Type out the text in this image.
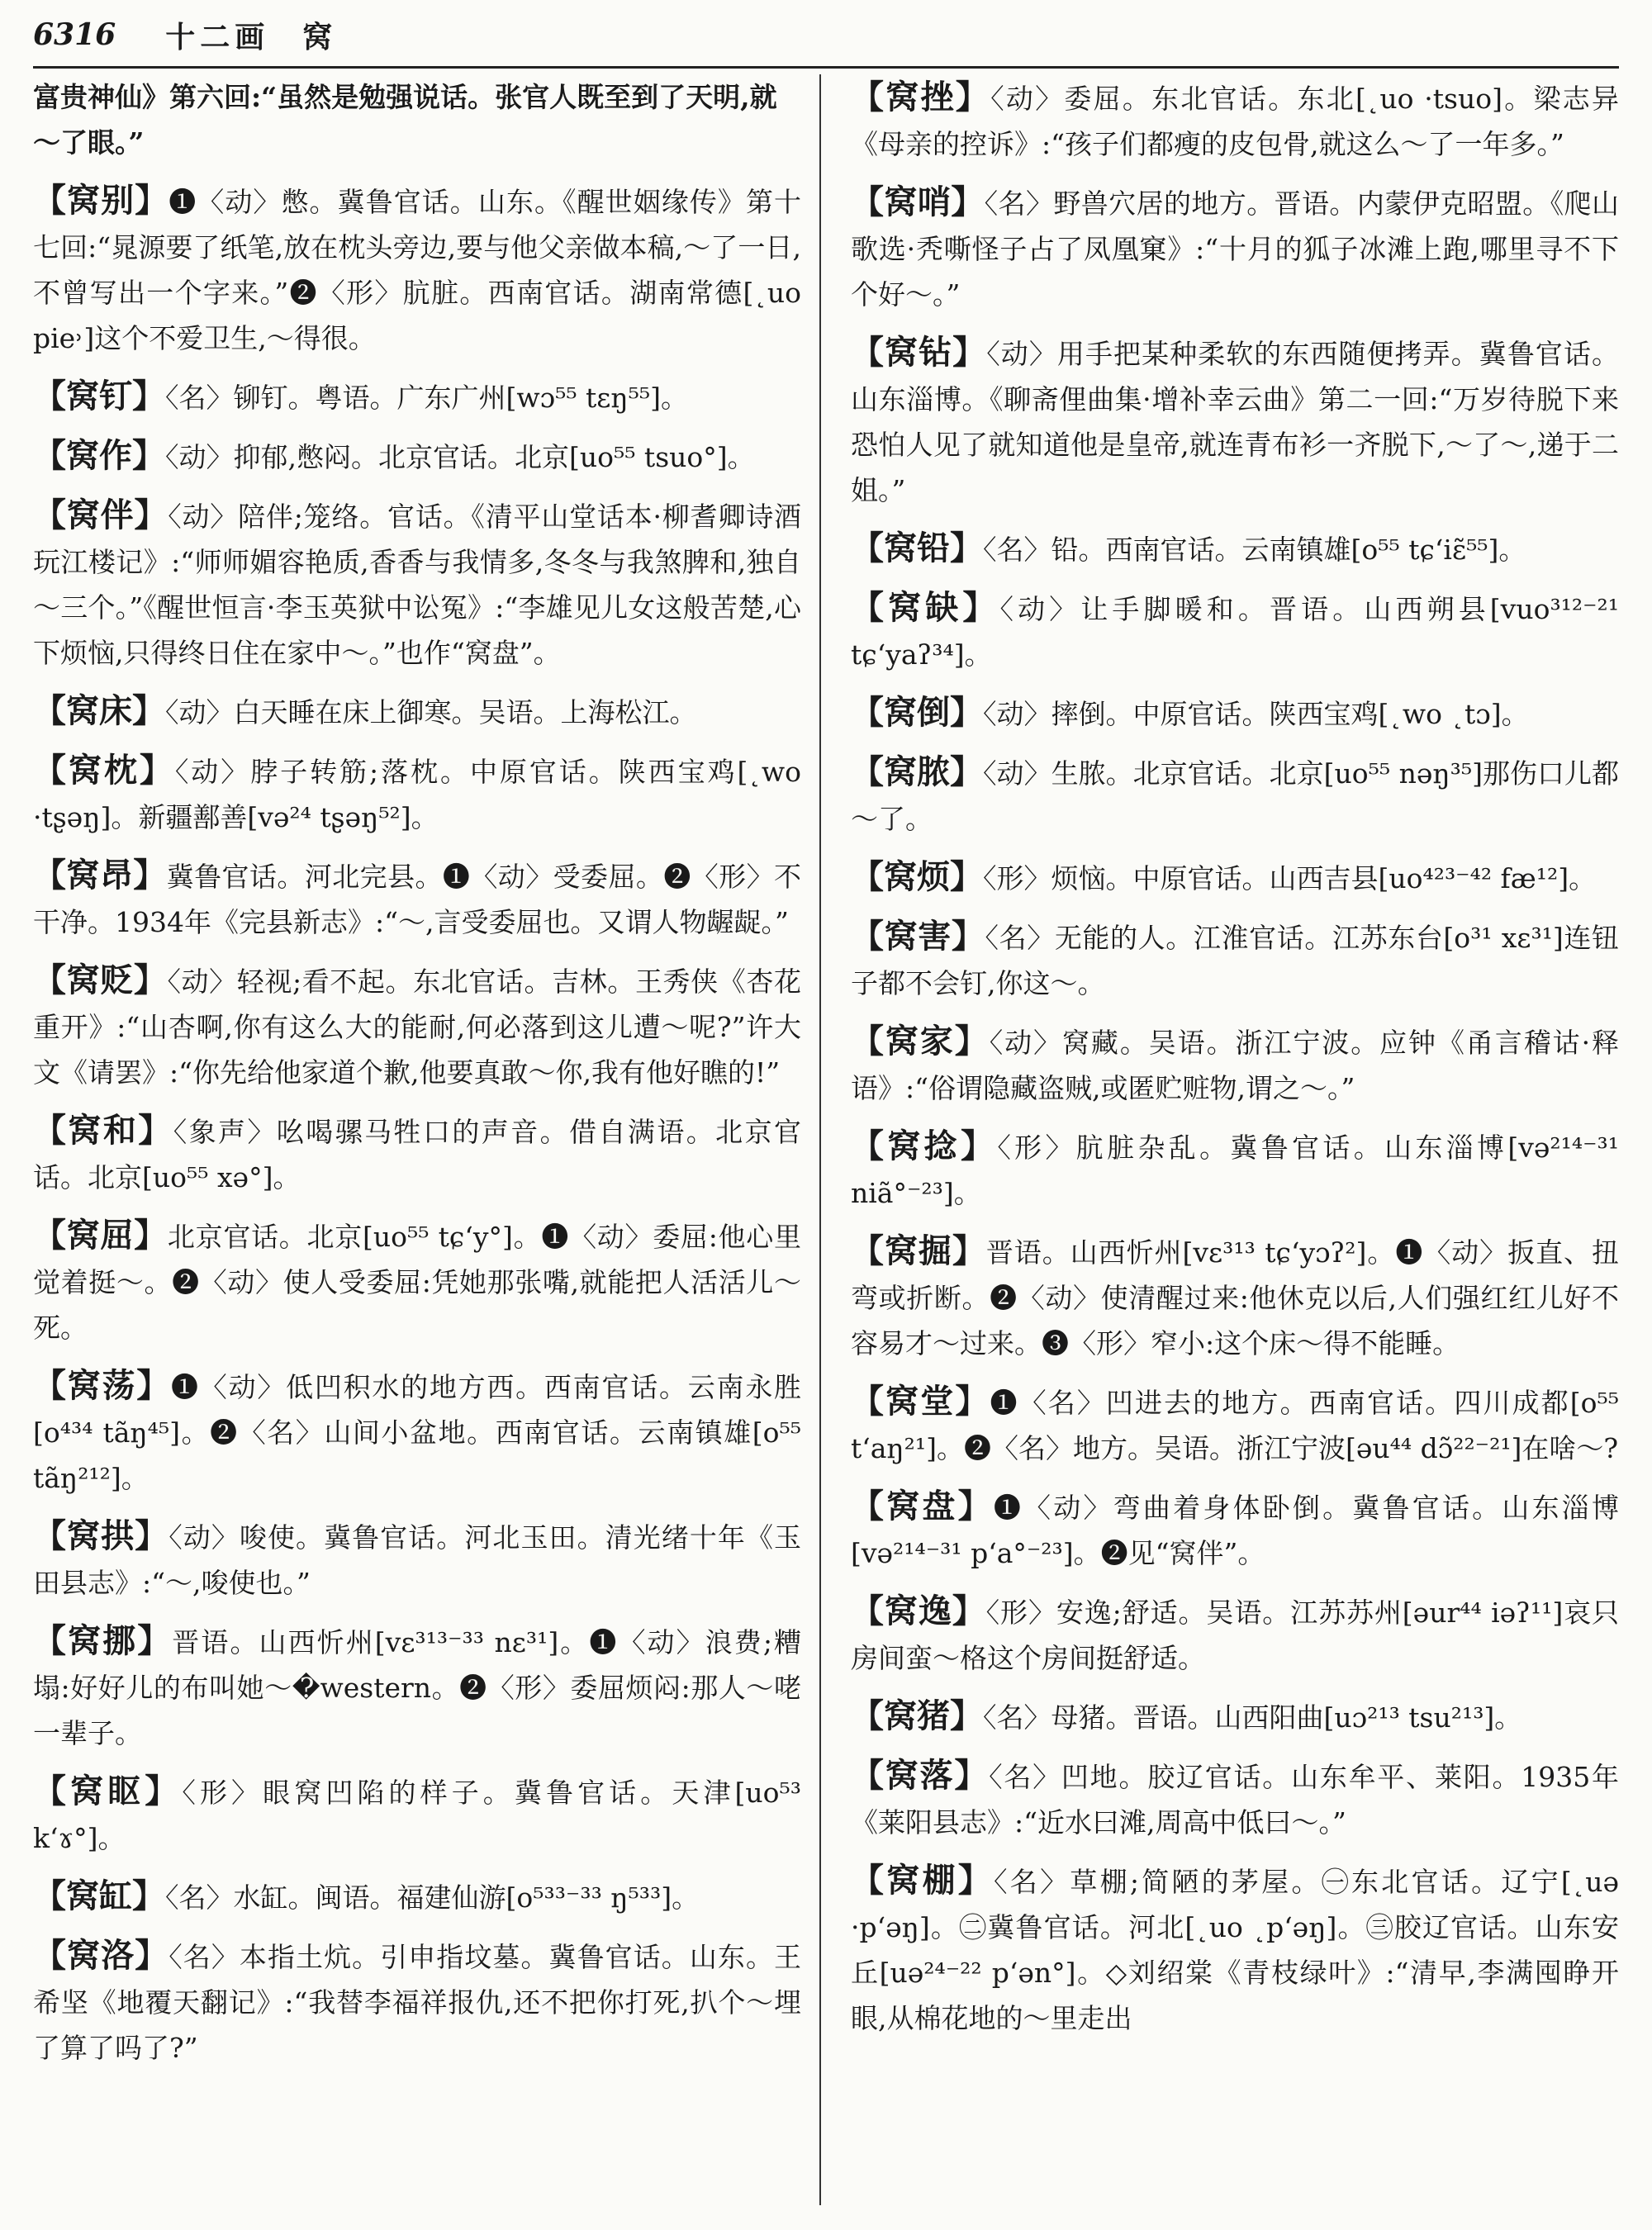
6316 十二画 窝
富贵神仙》第六回:“虽然是勉强说话。张官人既至到了天明,就～了眼。”
【窝别】❶〈动〉憋。冀鲁官话。山东。《醒世姻缘传》第十七回:“晁源要了纸笔,放在枕头旁边,要与他父亲做本稿,～了一日,不曾写出一个字来。”❷〈形〉肮脏。西南官话。湖南常德[˛uo pie˒]这个不爱卫生,～得很。
【窝钉】〈名〉铆钉。粤语。广东广州[wɔ⁵⁵ tɛŋ⁵⁵]。
【窝作】〈动〉抑郁,憋闷。北京官话。北京[uo⁵⁵ tsuo°]。
【窝伴】〈动〉陪伴;笼络。官话。《清平山堂话本·柳耆卿诗酒玩江楼记》:“师师媚容艳质,香香与我情多,冬冬与我煞脾和,独自～三个。”《醒世恒言·李玉英狱中讼冤》:“李雄见儿女这般苦楚,心下烦恼,只得终日住在家中～。”也作“窝盘”。
【窝床】〈动〉白天睡在床上御寒。吴语。上海松江。
【窝枕】〈动〉脖子转筋;落枕。中原官话。陕西宝鸡[˛wo ·tʂəŋ]。新疆鄯善[və²⁴ tʂəŋ⁵²]。
【窝昂】冀鲁官话。河北完县。❶〈动〉受委屈。❷〈形〉不干净。1934年《完县新志》:“～,言受委屈也。又谓人物龌龊。”
【窝贬】〈动〉轻视;看不起。东北官话。吉林。王秀侠《杏花重开》:“山杏啊,你有这么大的能耐,何必落到这儿遭～呢?”许大文《请罢》:“你先给他家道个歉,他要真敢～你,我有他好瞧的!”
【窝和】〈象声〉吆喝骡马牲口的声音。借自满语。北京官话。北京[uo⁵⁵ xə°]。
【窝屈】北京官话。北京[uo⁵⁵ tɕ‘y°]。❶〈动〉委屈:他心里觉着挺～。❷〈动〉使人受委屈:凭她那张嘴,就能把人活活儿～死。
【窝荡】❶〈动〉低凹积水的地方西。西南官话。云南永胜[o⁴³⁴ tãŋ⁴⁵]。❷〈名〉山间小盆地。西南官话。云南镇雄[o⁵⁵ tãŋ²¹²]。
【窝拱】〈动〉唆使。冀鲁官话。河北玉田。清光绪十年《玉田县志》:“～,唆使也。”
【窝挪】晋语。山西忻州[vɛ³¹³⁻³³ nɛ³¹]。❶〈动〉浪费;糟塌:好好儿的布叫她～�western。❷〈形〉委屈烦闷:那人～咾一辈子。
【窝眍】〈形〉眼窝凹陷的样子。冀鲁官话。天津[uo⁵³ k‘ɤ°]。
【窝缸】〈名〉水缸。闽语。福建仙游[o⁵³³⁻³³ ŋ⁵³³]。
【窝洛】〈名〉本指土炕。引申指坟墓。冀鲁官话。山东。王希坚《地覆天翻记》:“我替李福祥报仇,还不把你打死,扒个～埋了算了吗了?”
【窝挫】〈动〉委屈。东北官话。东北[˛uo ·tsuo]。梁志异《母亲的控诉》:“孩子们都瘦的皮包骨,就这么～了一年多。”
【窝哨】〈名〉野兽穴居的地方。晋语。内蒙伊克昭盟。《爬山歌选·秃嘶怪子占了凤凰窠》:“十月的狐子冰滩上跑,哪里寻不下个好～。”
【窝钻】〈动〉用手把某种柔软的东西随便拷弄。冀鲁官话。山东淄博。《聊斋俚曲集·增补幸云曲》第二一回:“万岁待脱下来恐怕人见了就知道他是皇帝,就连青布衫一齐脱下,～了～,递于二姐。”
【窝铅】〈名〉铅。西南官话。云南镇雄[o⁵⁵ tɕ‘iɛ̃⁵⁵]。
【窝缺】〈动〉让手脚暖和。晋语。山西朔县[vuo³¹²⁻²¹ tɕ‘yaʔ³⁴]。
【窝倒】〈动〉摔倒。中原官话。陕西宝鸡[˛wo ˛tɔ]。
【窝脓】〈动〉生脓。北京官话。北京[uo⁵⁵ nəŋ³⁵]那伤口儿都～了。
【窝烦】〈形〉烦恼。中原官话。山西吉县[uo⁴²³⁻⁴² fæ¹²]。
【窝害】〈名〉无能的人。江淮官话。江苏东台[o³¹ xɛ³¹]连钮子都不会钉,你这～。
【窝家】〈动〉窝藏。吴语。浙江宁波。应钟《甬言稽诂·释语》:“俗谓隐藏盗贼,或匿贮赃物,谓之～。”
【窝捻】〈形〉肮脏杂乱。冀鲁官话。山东淄博[və²¹⁴⁻³¹ niã°⁻²³]。
【窝掘】晋语。山西忻州[vɛ³¹³ tɕ‘yɔʔ²]。❶〈动〉扳直、扭弯或折断。❷〈动〉使清醒过来:他休克以后,人们强红红儿好不容易才～过来。❸〈形〉窄小:这个床～得不能睡。
【窝堂】❶〈名〉凹进去的地方。西南官话。四川成都[o⁵⁵ t‘aŋ²¹]。❷〈名〉地方。吴语。浙江宁波[əu⁴⁴ dɔ̃²²⁻²¹]在啥～?
【窝盘】❶〈动〉弯曲着身体卧倒。冀鲁官话。山东淄博[və²¹⁴⁻³¹ p‘a°⁻²³]。❷见“窝伴”。
【窝逸】〈形〉安逸;舒适。吴语。江苏苏州[əur⁴⁴ iəʔ¹¹]哀只房间蛮～格这个房间挺舒适。
【窝猪】〈名〉母猪。晋语。山西阳曲[uɔ²¹³ tsu²¹³]。
【窝落】〈名〉凹地。胶辽官话。山东牟平、莱阳。1935年《莱阳县志》:“近水曰滩,周高中低曰～。”
【窝棚】〈名〉草棚;简陋的茅屋。㊀东北官话。辽宁[˛uə ·p‘əŋ]。㊁冀鲁官话。河北[˛uo ˛p‘əŋ]。㊂胶辽官话。山东安丘[uə²⁴⁻²² p‘ən°]。◇刘绍棠《青枝绿叶》:“清早,李满囤睁开眼,从棉花地的～里走出
